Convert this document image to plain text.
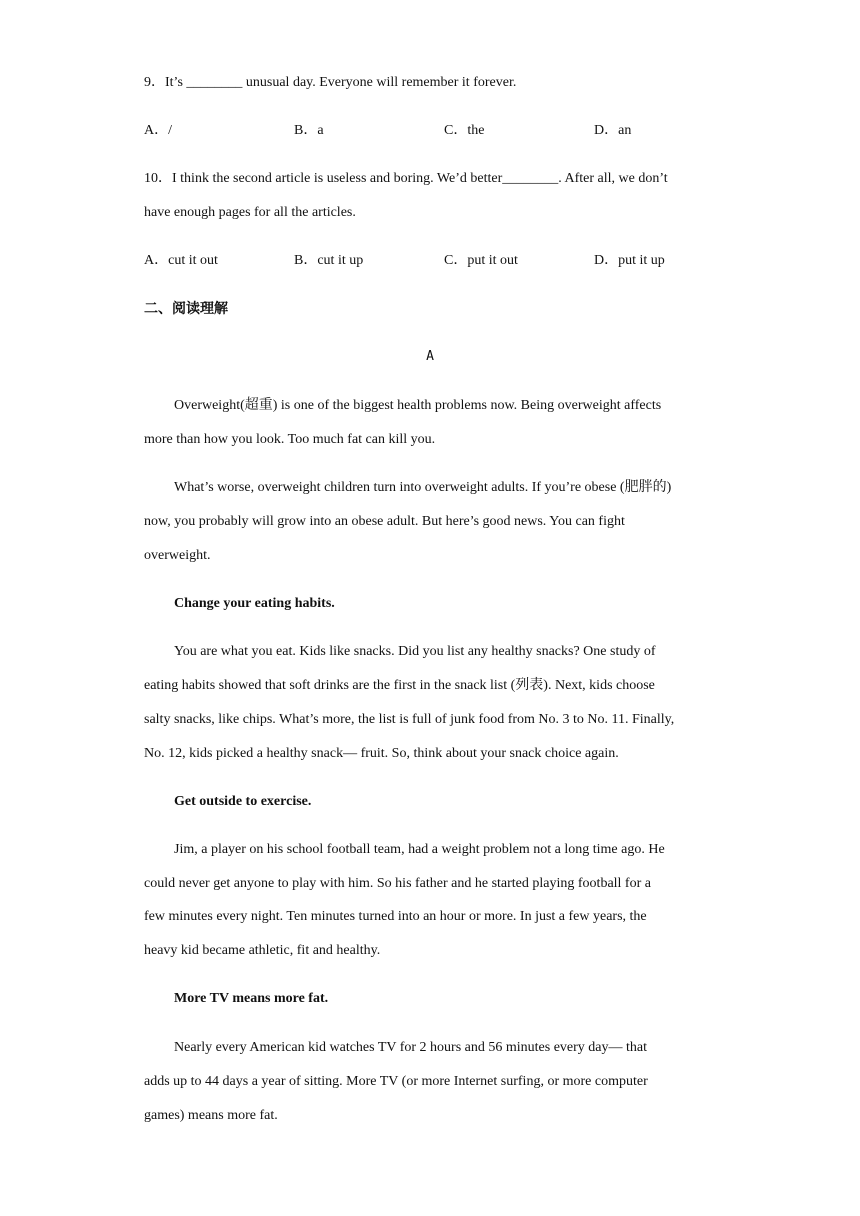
9．It’s ________ unusual day. Everyone will remember it forever.
A．/	B．a	C．the	D．an
10．I think the second article is useless and boring. We’d better________. After all, we don’t
have enough pages for all the articles.
A．cut it out	B．cut it up	C．put it out	D．put it up
二、阅读理解
A
Overweight(超重) is one of the biggest health problems now. Being overweight affects
more than how you look. Too much fat can kill you.
What’s worse, overweight children turn into overweight adults. If you’re obese (肥胖的)
now, you probably will grow into an obese adult. But here’s good news. You can fight
overweight.
Change your eating habits.
You are what you eat. Kids like snacks. Did you list any healthy snacks? One study of
eating habits showed that soft drinks are the first in the snack list (列表). Next, kids choose
salty snacks, like chips. What’s more, the list is full of junk food from No. 3 to No. 11. Finally,
No. 12, kids picked a healthy snack— fruit. So, think about your snack choice again.
Get outside to exercise.
Jim, a player on his school football team, had a weight problem not a long time ago. He
could never get anyone to play with him. So his father and he started playing football for a
few minutes every night. Ten minutes turned into an hour or more. In just a few years, the
heavy kid became athletic, fit and healthy.
More TV means more fat.
Nearly every American kid watches TV for 2 hours and 56 minutes every day— that
adds up to 44 days a year of sitting. More TV (or more Internet surfing, or more computer
games) means more fat.
